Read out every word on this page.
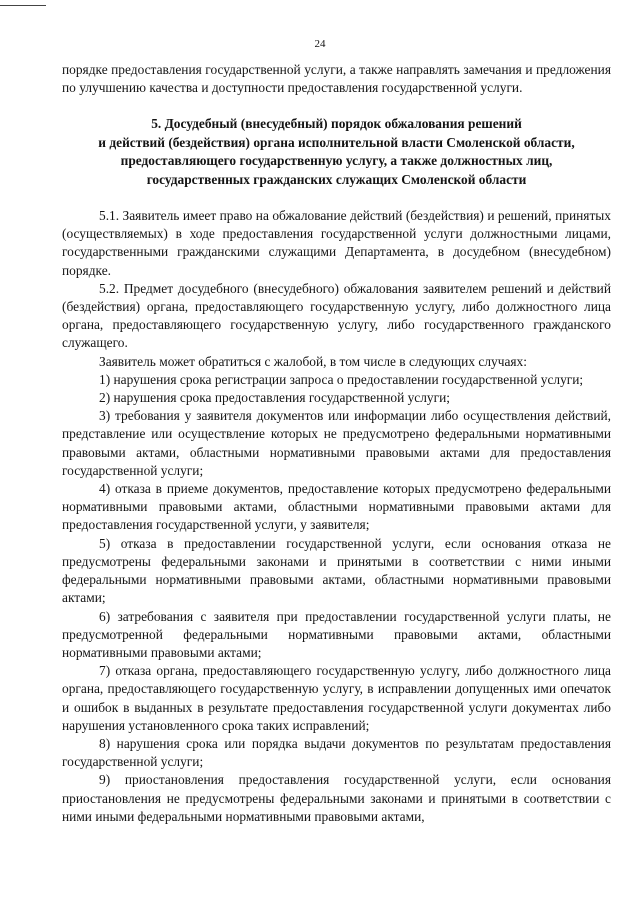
24

порядке предоставления государственной услуги, а также направлять замечания и предложения по улучшению качества и доступности предоставления государственной услуги.

5. Досудебный (внесудебный) порядок обжалования решений
и действий (бездействия) органа исполнительной власти Смоленской области,
предоставляющего государственную услугу, а также должностных лиц,
государственных гражданских служащих Смоленской области

5.1. Заявитель имеет право на обжалование действий (бездействия) и решений, принятых (осуществляемых) в ходе предоставления государственной услуги должностными лицами, государственными гражданскими служащими Департамента, в досудебном (внесудебном) порядке.

5.2. Предмет досудебного (внесудебного) обжалования заявителем решений и действий (бездействия) органа, предоставляющего государственную услугу, либо должностного лица органа, предоставляющего государственную услугу, либо государственного гражданского служащего.

Заявитель может обратиться с жалобой, в том числе в следующих случаях:

1) нарушения срока регистрации запроса о предоставлении государственной услуги;

2) нарушения срока предоставления государственной услуги;

3) требования у заявителя документов или информации либо осуществления действий, представление или осуществление которых не предусмотрено федеральными нормативными правовыми актами, областными нормативными правовыми актами для предоставления государственной услуги;

4) отказа в приеме документов, предоставление которых предусмотрено федеральными нормативными правовыми актами, областными нормативными правовыми актами для предоставления государственной услуги, у заявителя;

5) отказа в предоставлении государственной услуги, если основания отказа не предусмотрены федеральными законами и принятыми в соответствии с ними иными федеральными нормативными правовыми актами, областными нормативными правовыми актами;

6) затребования с заявителя при предоставлении государственной услуги платы, не предусмотренной федеральными нормативными правовыми актами, областными нормативными правовыми актами;

7) отказа органа, предоставляющего государственную услугу, либо должностного лица органа, предоставляющего государственную услугу, в исправлении допущенных ими опечаток и ошибок в выданных в результате предоставления государственной услуги документах либо нарушения установленного срока таких исправлений;

8) нарушения срока или порядка выдачи документов по результатам предоставления государственной услуги;

9) приостановления предоставления государственной услуги, если основания приостановления не предусмотрены федеральными законами и принятыми в соответствии с ними иными федеральными нормативными правовыми актами,
